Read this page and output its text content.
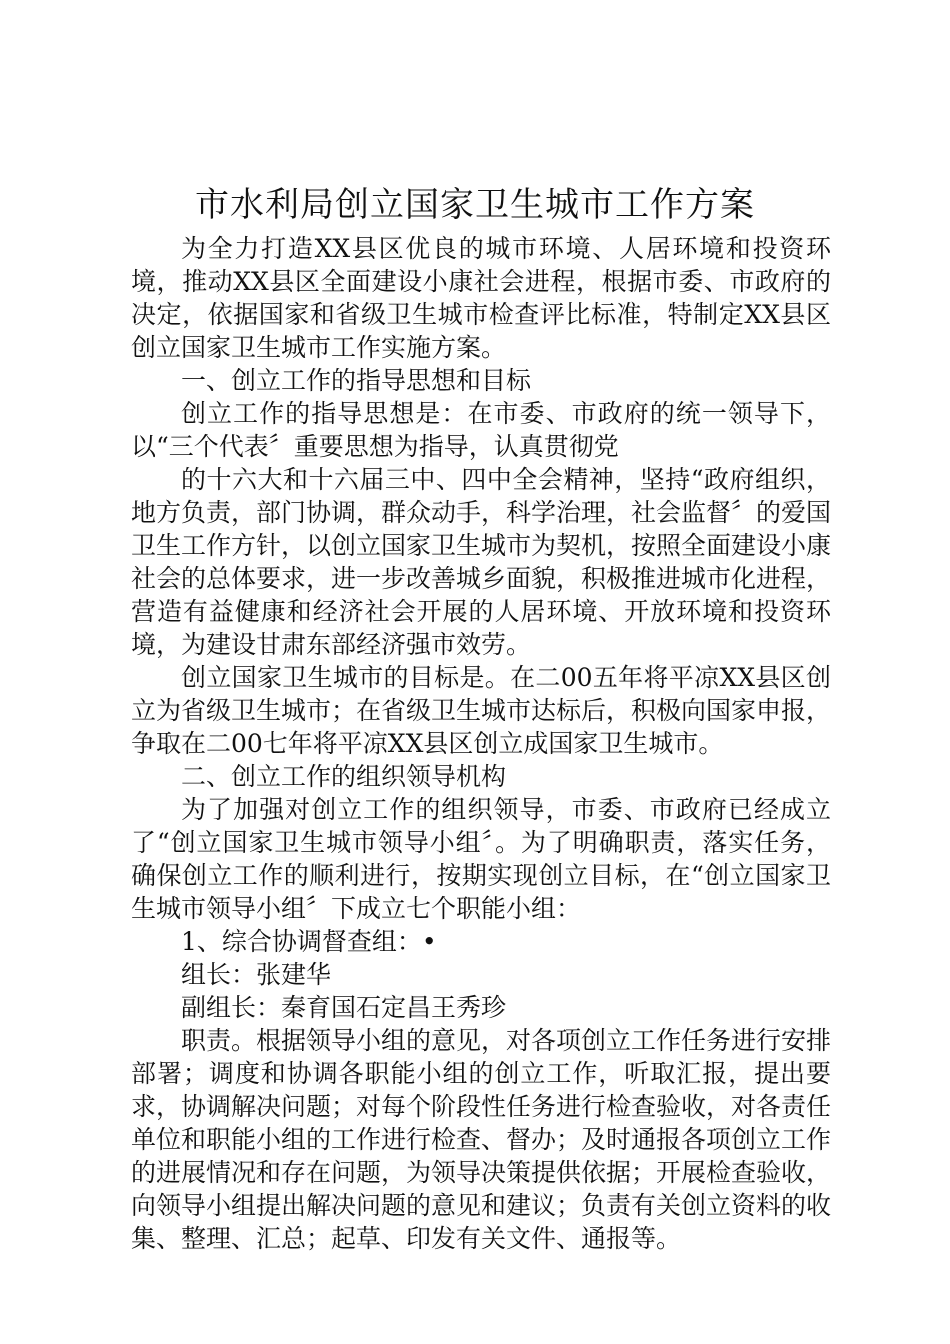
市水利局创立国家卫生城市工作方案

为全力打造XX县区优良的城市环境、人居环境和投资环境，推动XX县区全面建设小康社会进程，根据市委、市政府的决定，依据国家和省级卫生城市检查评比标准，特制定XX县区创立国家卫生城市工作实施方案。

一、创立工作的指导思想和目标

创立工作的指导思想是：在市委、市政府的统一领导下，以“三个代表〞重要思想为指导，认真贯彻党

的十六大和十六届三中、四中全会精神，坚持“政府组织，地方负责，部门协调，群众动手，科学治理，社会监督〞的爱国卫生工作方针，以创立国家卫生城市为契机，按照全面建设小康社会的总体要求，进一步改善城乡面貌，积极推进城市化进程，营造有益健康和经济社会开展的人居环境、开放环境和投资环境，为建设甘肃东部经济强市效劳。

创立国家卫生城市的目标是。在二00五年将平凉XX县区创立为省级卫生城市；在省级卫生城市达标后，积极向国家申报，争取在二00七年将平凉XX县区创立成国家卫生城市。

二、创立工作的组织领导机构

为了加强对创立工作的组织领导，市委、市政府已经成立了“创立国家卫生城市领导小组〞。为了明确职责，落实任务，确保创立工作的顺利进行，按期实现创立目标，在“创立国家卫生城市领导小组〞下成立七个职能小组：

1、综合协调督查组：•

组长：张建华

副组长：秦育国石定昌王秀珍

职责。根据领导小组的意见，对各项创立工作任务进行安排部署；调度和协调各职能小组的创立工作，听取汇报，提出要求，协调解决问题；对每个阶段性任务进行检查验收，对各责任单位和职能小组的工作进行检查、督办；及时通报各项创立工作的进展情况和存在问题，为领导决策提供依据；开展检查验收，向领导小组提出解决问题的意见和建议；负责有关创立资料的收集、整理、汇总；起草、印发有关文件、通报等。
